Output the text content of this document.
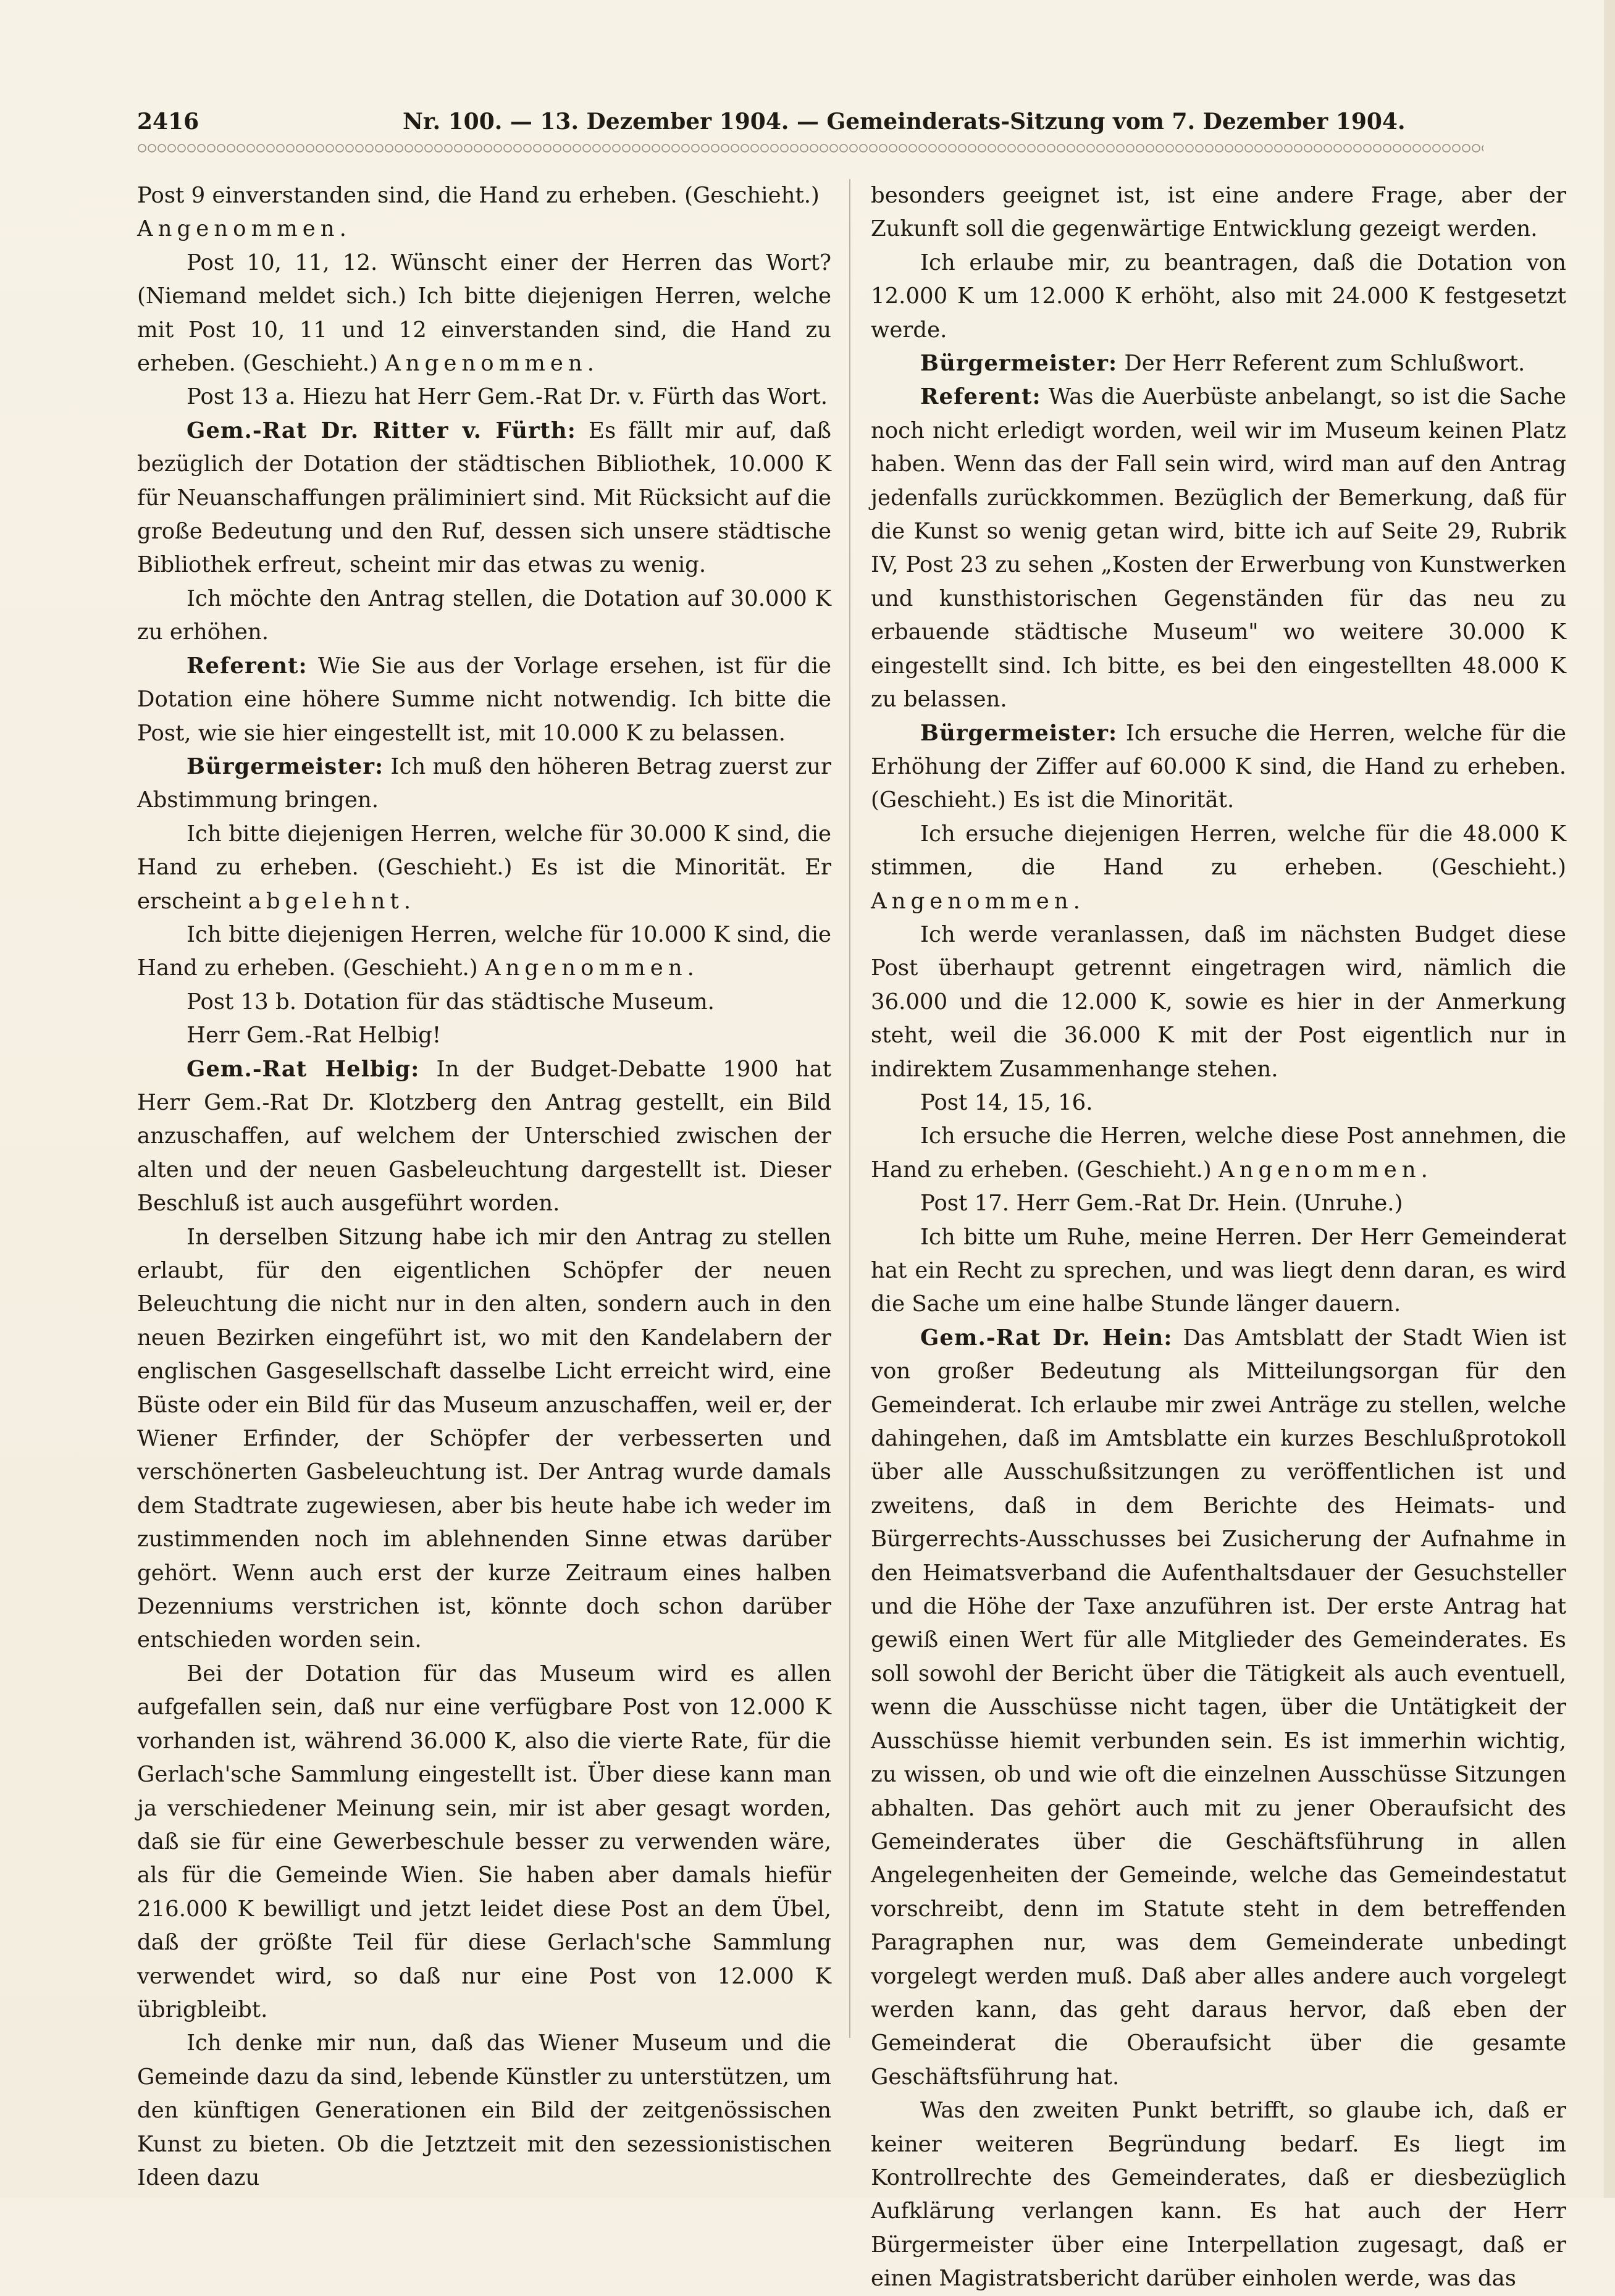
2416	Nr. 100. — 13. Dezember 1904. — Gemeinderats-Sitzung vom 7. Dezember 1904.

Post 9 einverstanden sind, die Hand zu erheben. (Geschieht.)

Angenommen.

Post 10, 11, 12. Wünscht einer der Herren das Wort? (Niemand meldet sich.) Ich bitte diejenigen Herren, welche mit Post 10, 11 und 12 einverstanden sind, die Hand zu erheben. (Geschieht.) Angenommen.

Post 13 a. Hiezu hat Herr Gem.-Rat Dr. v. Fürth das Wort.

Gem.-Rat Dr. Ritter v. Fürth: Es fällt mir auf, daß bezüglich der Dotation der städtischen Bibliothek, 10.000 K für Neuanschaffungen präliminiert sind. Mit Rücksicht auf die große Bedeutung und den Ruf, dessen sich unsere städtische Bibliothek erfreut, scheint mir das etwas zu wenig.

Ich möchte den Antrag stellen, die Dotation auf 30.000 K zu erhöhen.

Referent: Wie Sie aus der Vorlage ersehen, ist für die Dotation eine höhere Summe nicht notwendig. Ich bitte die Post, wie sie hier eingestellt ist, mit 10.000 K zu belassen.

Bürgermeister: Ich muß den höheren Betrag zuerst zur Abstimmung bringen.

Ich bitte diejenigen Herren, welche für 30.000 K sind, die Hand zu erheben. (Geschieht.) Es ist die Minorität. Er erscheint abgelehnt.

Ich bitte diejenigen Herren, welche für 10.000 K sind, die Hand zu erheben. (Geschieht.) Angenommen.

Post 13 b. Dotation für das städtische Museum.

Herr Gem.-Rat Helbig!

Gem.-Rat Helbig: In der Budget-Debatte 1900 hat Herr Gem.-Rat Dr. Klotzberg den Antrag gestellt, ein Bild anzuschaffen, auf welchem der Unterschied zwischen der alten und der neuen Gasbeleuchtung dargestellt ist. Dieser Beschluß ist auch ausgeführt worden.

In derselben Sitzung habe ich mir den Antrag zu stellen erlaubt, für den eigentlichen Schöpfer der neuen Beleuchtung die nicht nur in den alten, sondern auch in den neuen Bezirken eingeführt ist, wo mit den Kandelabern der englischen Gasgesellschaft dasselbe Licht erreicht wird, eine Büste oder ein Bild für das Museum anzuschaffen, weil er, der Wiener Erfinder, der Schöpfer der verbesserten und verschönerten Gasbeleuchtung ist. Der Antrag wurde damals dem Stadtrate zugewiesen, aber bis heute habe ich weder im zustimmenden noch im ablehnenden Sinne etwas darüber gehört. Wenn auch erst der kurze Zeitraum eines halben Dezenniums verstrichen ist, könnte doch schon darüber entschieden worden sein.

Bei der Dotation für das Museum wird es allen aufgefallen sein, daß nur eine verfügbare Post von 12.000 K vorhanden ist, während 36.000 K, also die vierte Rate, für die Gerlach'sche Sammlung eingestellt ist. Über diese kann man ja verschiedener Meinung sein, mir ist aber gesagt worden, daß sie für eine Gewerbeschule besser zu verwenden wäre, als für die Gemeinde Wien. Sie haben aber damals hiefür 216.000 K bewilligt und jetzt leidet diese Post an dem Übel, daß der größte Teil für diese Gerlach'sche Sammlung verwendet wird, so daß nur eine Post von 12.000 K übrigbleibt.

Ich denke mir nun, daß das Wiener Museum und die Gemeinde dazu da sind, lebende Künstler zu unterstützen, um den künftigen Generationen ein Bild der zeitgenössischen Kunst zu bieten. Ob die Jetztzeit mit den sezessionistischen Ideen dazu

besonders geeignet ist, ist eine andere Frage, aber der Zukunft soll die gegenwärtige Entwicklung gezeigt werden.

Ich erlaube mir, zu beantragen, daß die Dotation von 12.000 K um 12.000 K erhöht, also mit 24.000 K festgesetzt werde.

Bürgermeister: Der Herr Referent zum Schlußwort.

Referent: Was die Auerbüste anbelangt, so ist die Sache noch nicht erledigt worden, weil wir im Museum keinen Platz haben. Wenn das der Fall sein wird, wird man auf den Antrag jedenfalls zurückkommen. Bezüglich der Bemerkung, daß für die Kunst so wenig getan wird, bitte ich auf Seite 29, Rubrik IV, Post 23 zu sehen „Kosten der Erwerbung von Kunstwerken und kunsthistorischen Gegenständen für das neu zu erbauende städtische Museum" wo weitere 30.000 K eingestellt sind. Ich bitte, es bei den eingestellten 48.000 K zu belassen.

Bürgermeister: Ich ersuche die Herren, welche für die Erhöhung der Ziffer auf 60.000 K sind, die Hand zu erheben. (Geschieht.) Es ist die Minorität.

Ich ersuche diejenigen Herren, welche für die 48.000 K stimmen, die Hand zu erheben. (Geschieht.) Angenommen.

Ich werde veranlassen, daß im nächsten Budget diese Post überhaupt getrennt eingetragen wird, nämlich die 36.000 und die 12.000 K, sowie es hier in der Anmerkung steht, weil die 36.000 K mit der Post eigentlich nur in indirektem Zusammenhange stehen.

Post 14, 15, 16.

Ich ersuche die Herren, welche diese Post annehmen, die Hand zu erheben. (Geschieht.) Angenommen.

Post 17. Herr Gem.-Rat Dr. Hein. (Unruhe.)

Ich bitte um Ruhe, meine Herren. Der Herr Gemeinderat hat ein Recht zu sprechen, und was liegt denn daran, es wird die Sache um eine halbe Stunde länger dauern.

Gem.-Rat Dr. Hein: Das Amtsblatt der Stadt Wien ist von großer Bedeutung als Mitteilungsorgan für den Gemeinderat. Ich erlaube mir zwei Anträge zu stellen, welche dahingehen, daß im Amtsblatte ein kurzes Beschlußprotokoll über alle Ausschußsitzungen zu veröffentlichen ist und zweitens, daß in dem Berichte des Heimats- und Bürgerrechts-Ausschusses bei Zusicherung der Aufnahme in den Heimatsverband die Aufenthaltsdauer der Gesuchsteller und die Höhe der Taxe anzuführen ist. Der erste Antrag hat gewiß einen Wert für alle Mitglieder des Gemeinderates. Es soll sowohl der Bericht über die Tätigkeit als auch eventuell, wenn die Ausschüsse nicht tagen, über die Untätigkeit der Ausschüsse hiemit verbunden sein. Es ist immerhin wichtig, zu wissen, ob und wie oft die einzelnen Ausschüsse Sitzungen abhalten. Das gehört auch mit zu jener Oberaufsicht des Gemeinderates über die Geschäftsführung in allen Angelegenheiten der Gemeinde, welche das Gemeindestatut vorschreibt, denn im Statute steht in dem betreffenden Paragraphen nur, was dem Gemeinderate unbedingt vorgelegt werden muß. Daß aber alles andere auch vorgelegt werden kann, das geht daraus hervor, daß eben der Gemeinderat die Oberaufsicht über die gesamte Geschäftsführung hat.

Was den zweiten Punkt betrifft, so glaube ich, daß er keiner weiteren Begründung bedarf. Es liegt im Kontrollrechte des Gemeinderates, daß er diesbezüglich Aufklärung verlangen kann. Es hat auch der Herr Bürgermeister über eine Interpellation zugesagt, daß er einen Magistratsbericht darüber einholen werde, was das
